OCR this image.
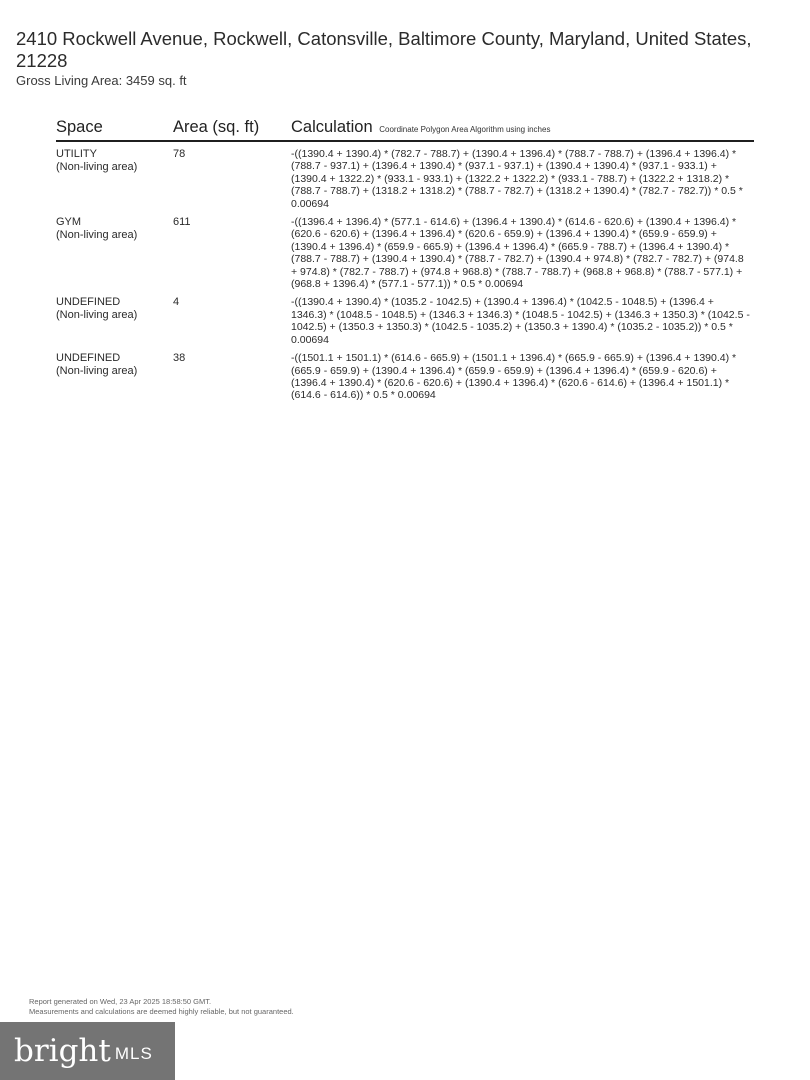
2410 Rockwell Avenue, Rockwell, Catonsville, Baltimore County, Maryland, United States, 21228
Gross Living Area: 3459 sq. ft
Space	Area (sq. ft)	Calculation Coordinate Polygon Area Algorithm using inches
UTILITY
(Non-living area)
78	-((1390.4 + 1390.4) * (782.7 - 788.7) + (1390.4 + 1396.4) * (788.7 - 788.7) + (1396.4 + 1396.4) * (788.7 - 937.1) + (1396.4 + 1390.4) * (937.1 - 937.1) + (1390.4 + 1390.4) * (937.1 - 933.1) + (1390.4 + 1322.2) * (933.1 - 933.1) + (1322.2 + 1322.2) * (933.1 - 788.7) + (1322.2 + 1318.2) * (788.7 - 788.7) + (1318.2 + 1318.2) * (788.7 - 782.7) + (1318.2 + 1390.4) * (782.7 - 782.7)) * 0.5 * 0.00694
GYM
(Non-living area)
611	-((1396.4 + 1396.4) * (577.1 - 614.6) + (1396.4 + 1390.4) * (614.6 - 620.6) + (1390.4 + 1396.4) * (620.6 - 620.6) + (1396.4 + 1396.4) * (620.6 - 659.9) + (1396.4 + 1390.4) * (659.9 - 659.9) + (1390.4 + 1396.4) * (659.9 - 665.9) + (1396.4 + 1396.4) * (665.9 - 788.7) + (1396.4 + 1390.4) * (788.7 - 788.7) + (1390.4 + 1390.4) * (788.7 - 782.7) + (1390.4 + 974.8) * (782.7 - 782.7) + (974.8 + 974.8) * (782.7 - 788.7) + (974.8 + 968.8) * (788.7 - 788.7) + (968.8 + 968.8) * (788.7 - 577.1) + (968.8 + 1396.4) * (577.1 - 577.1)) * 0.5 * 0.00694
UNDEFINED
(Non-living area)
4	-((1390.4 + 1390.4) * (1035.2 - 1042.5) + (1390.4 + 1396.4) * (1042.5 - 1048.5) + (1396.4 + 1346.3) * (1048.5 - 1048.5) + (1346.3 + 1346.3) * (1048.5 - 1042.5) + (1346.3 + 1350.3) * (1042.5 - 1042.5) + (1350.3 + 1350.3) * (1042.5 - 1035.2) + (1350.3 + 1390.4) * (1035.2 - 1035.2)) * 0.5 * 0.00694
UNDEFINED
(Non-living area)
38	-((1501.1 + 1501.1) * (614.6 - 665.9) + (1501.1 + 1396.4) * (665.9 - 665.9) + (1396.4 + 1390.4) * (665.9 - 659.9) + (1390.4 + 1396.4) * (659.9 - 659.9) + (1396.4 + 1396.4) * (659.9 - 620.6) + (1396.4 + 1390.4) * (620.6 - 620.6) + (1390.4 + 1396.4) * (620.6 - 614.6) + (1396.4 + 1501.1) * (614.6 - 614.6)) * 0.5 * 0.00694
Report generated on Wed, 23 Apr 2025 18:58:50 GMT.
Measurements and calculations are deemed highly reliable, but not guaranteed.
bright MLS
